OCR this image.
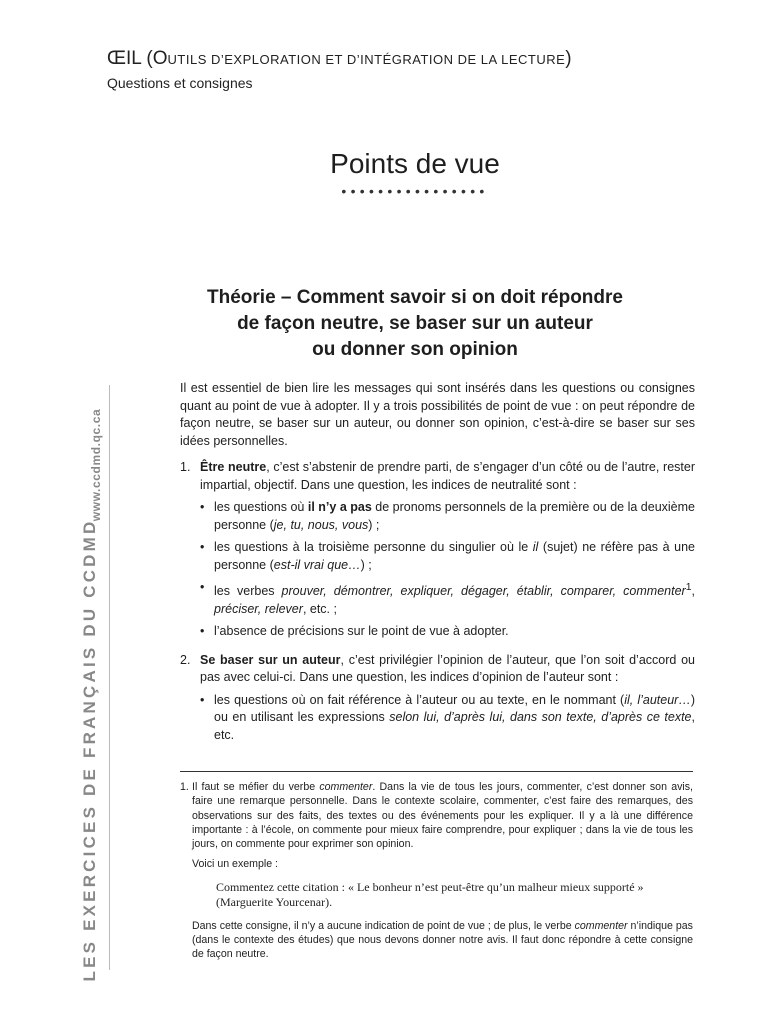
ŒIL (OUTILS D’EXPLORATION ET D’INTÉGRATION DE LA LECTURE)
Questions et consignes
www.ccdmd.qc.ca
LES EXERCICES DE FRANÇAIS DU CCDMD
Points de vue
••••••••••••••••
Théorie – Comment savoir si on doit répondre
de façon neutre, se baser sur un auteur
ou donner son opinion

Il est essentiel de bien lire les messages qui sont insérés dans les questions ou consignes quant au point de vue à adopter. Il y a trois possibilités de point de vue : on peut répondre de façon neutre, se baser sur un auteur, ou donner son opinion, c’est-à-dire se baser sur ses idées personnelles.

1. Être neutre, c’est s’abstenir de prendre parti, de s’engager d’un côté ou de l’autre, rester impartial, objectif. Dans une question, les indices de neutralité sont :

• les questions où il n’y a pas de pronoms personnels de la première ou de la deuxième personne (je, tu, nous, vous) ;
• les questions à la troisième personne du singulier où le il (sujet) ne réfère pas à une personne (est-il vrai que…) ;
• les verbes prouver, démontrer, expliquer, dégager, établir, comparer, commenter$^1$, préciser, relever, etc. ;
• l’absence de précisions sur le point de vue à adopter.
2. Se baser sur un auteur, c’est privilégier l’opinion de l’auteur, que l’on soit d’accord ou pas avec celui-ci. Dans une question, les indices d’opinion de l’auteur sont :

• les questions où on fait référence à l’auteur ou au texte, en le nommant (il, l’auteur…) ou en utilisant les expressions selon lui, d’après lui, dans son texte, d’après ce texte, etc.
1. Il faut se méfier du verbe commenter. Dans la vie de tous les jours, commenter, c’est donner son avis, faire une remarque personnelle. Dans le contexte scolaire, commenter, c’est faire des remarques, des observations sur des faits, des textes ou des événements pour les expliquer. Il y a là une différence importante : à l’école, on commente pour mieux faire comprendre, pour expliquer ; dans la vie de tous les jours, on commente pour exprimer son opinion.

Voici un exemple :

Commentez cette citation : « Le bonheur n’est peut-être qu’un malheur mieux supporté » (Marguerite Yourcenar).

Dans cette consigne, il n’y a aucune indication de point de vue ; de plus, le verbe commenter n’indique pas (dans le contexte des études) que nous devons donner notre avis. Il faut donc répondre à cette consigne de façon neutre.
